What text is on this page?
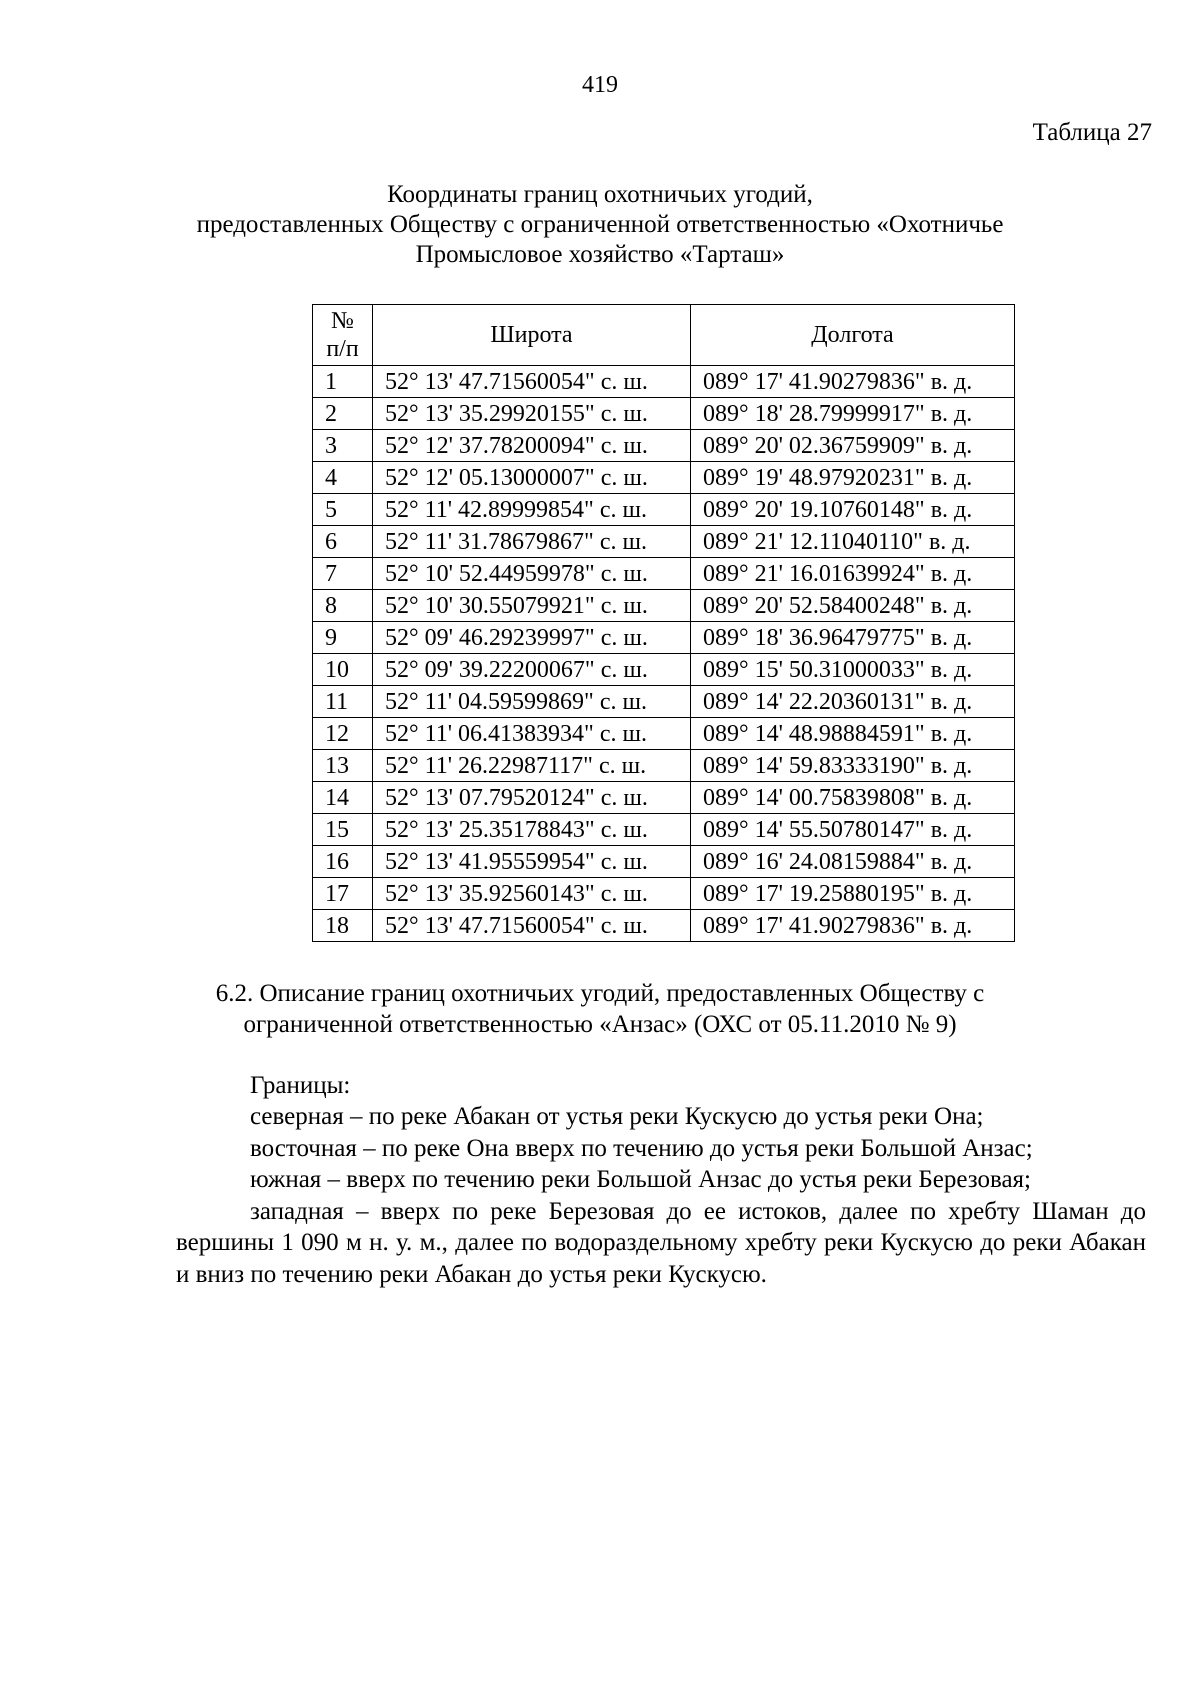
419
Таблица 27
Координаты границ охотничьих угодий,
предоставленных Обществу с ограниченной ответственностью «Охотничье
Промысловое хозяйство «Тарташ»
№
п/п	Широта	Долгота
1	52° 13' 47.71560054" с. ш.	089° 17' 41.90279836" в. д.
2	52° 13' 35.29920155" с. ш.	089° 18' 28.79999917" в. д.
3	52° 12' 37.78200094" с. ш.	089° 20' 02.36759909" в. д.
4	52° 12' 05.13000007" с. ш.	089° 19' 48.97920231" в. д.
5	52° 11' 42.89999854" с. ш.	089° 20' 19.10760148" в. д.
6	52° 11' 31.78679867" с. ш.	089° 21' 12.11040110" в. д.
7	52° 10' 52.44959978" с. ш.	089° 21' 16.01639924" в. д.
8	52° 10' 30.55079921" с. ш.	089° 20' 52.58400248" в. д.
9	52° 09' 46.29239997" с. ш.	089° 18' 36.96479775" в. д.
10	52° 09' 39.22200067" с. ш.	089° 15' 50.31000033" в. д.
11	52° 11' 04.59599869" с. ш.	089° 14' 22.20360131" в. д.
12	52° 11' 06.41383934" с. ш.	089° 14' 48.98884591" в. д.
13	52° 11' 26.22987117" с. ш.	089° 14' 59.83333190" в. д.
14	52° 13' 07.79520124" с. ш.	089° 14' 00.75839808" в. д.
15	52° 13' 25.35178843" с. ш.	089° 14' 55.50780147" в. д.
16	52° 13' 41.95559954" с. ш.	089° 16' 24.08159884" в. д.
17	52° 13' 35.92560143" с. ш.	089° 17' 19.25880195" в. д.
18	52° 13' 47.71560054" с. ш.	089° 17' 41.90279836" в. д.
6.2. Описание границ охотничьих угодий, предоставленных Обществу с
ограниченной ответственностью «Анзас» (ОХС от 05.11.2010 № 9)
Границы:

северная – по реке Абакан от устья реки Кускусю до устья реки Она;

восточная – по реке Она вверх по течению до устья реки Большой Анзас;

южная – вверх по течению реки Большой Анзас до устья реки Березовая;

западная – вверх по реке Березовая до ее истоков, далее по хребту Шаман до вершины 1 090 м н. у. м., далее по водораздельному хребту реки Кускусю до реки Абакан и вниз по течению реки Абакан до устья реки Кускусю.
